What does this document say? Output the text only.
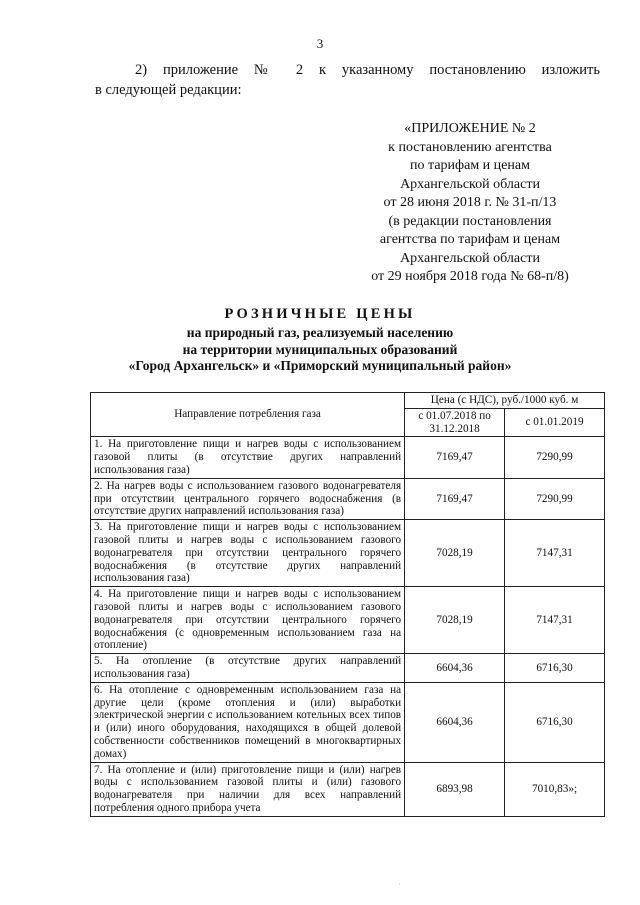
3
2) приложение № 2 к указанному постановлению изложить
в следующей редакции:
«ПРИЛОЖЕНИЕ № 2
к постановлению агентства
по тарифам и ценам
Архангельской области
от 28 июня 2018 г. № 31-п/13
(в редакции постановления
агентства по тарифам и ценам
Архангельской области
от 29 ноября 2018 года № 68-п/8)
РОЗНИЧНЫЕ ЦЕНЫ
на природный газ, реализуемый населению
на территории муниципальных образований
«Город Архангельск» и «Приморский муниципальный район»
Направление потребления газа	Цена (с НДС), руб./1000 куб. м	
	с 01.07.2018 по 31.12.2018	с 01.01.2019
1. На приготовление пищи и нагрев воды с использованием газовой плиты (в отсутствие других направлений использования газа)	7169,47	7290,99
2. На нагрев воды с использованием газового водонагревателя при отсутствии центрального горячего водоснабжения (в отсутствие других направлений использования газа)	7169,47	7290,99
3. На приготовление пищи и нагрев воды с использованием газовой плиты и нагрев воды с использованием газового водонагревателя при отсутствии центрального горячего водоснабжения (в отсутствие других направлений использования газа)	7028,19	7147,31
4. На приготовление пищи и нагрев воды с использованием газовой плиты и нагрев воды с использованием газового водонагревателя при отсутствии центрального горячего водоснабжения (с одновременным использованием газа на отопление)	7028,19	7147,31
5. На отопление (в отсутствие других направлений использования газа)	6604,36	6716,30
6. На отопление с одновременным использованием газа на другие цели (кроме отопления и (или) выработки электрической энергии с использованием котельных всех типов и (или) иного оборудования, находящихся в общей долевой собственности собственников помещений в многоквартирных домах)	6604,36	6716,30
7. На отопление и (или) приготовление пищи и (или) нагрев воды с использованием газовой плиты и (или) газового водонагревателя при наличии для всех направлений потребления одного прибора учета	6893,98	7010,83»;
·
